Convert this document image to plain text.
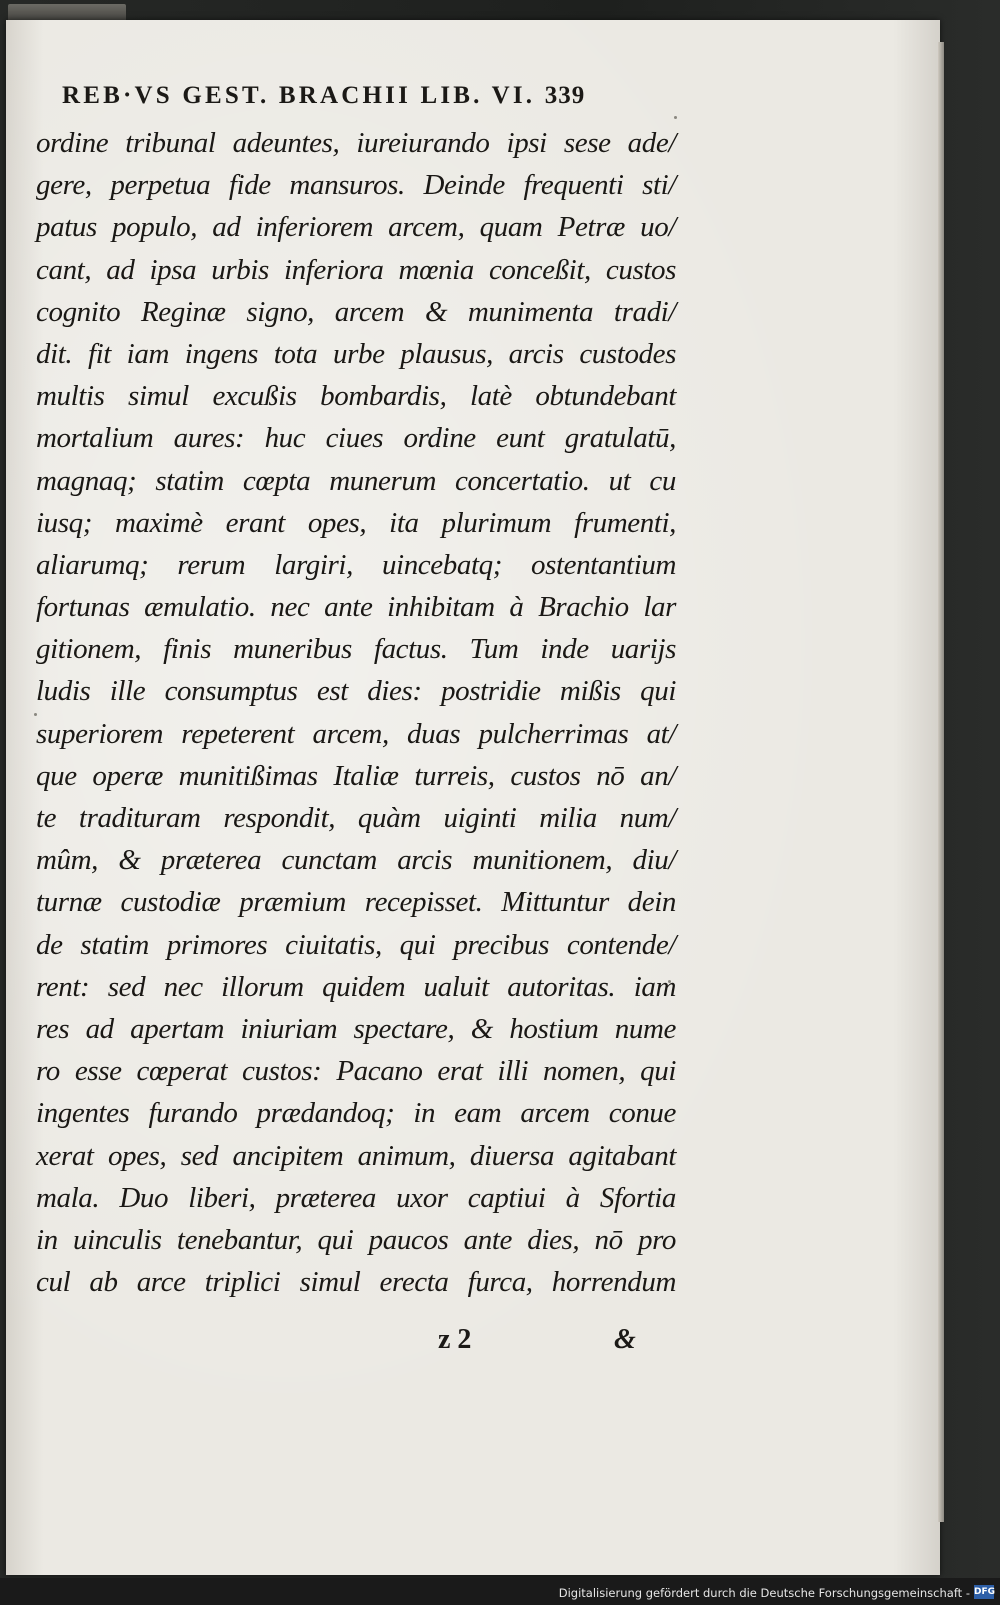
REB·VS GEST. BRACHII LIB. VI. 339
ordine tribunal adeuntes, iureiurando ipsi sese ade/
gere, perpetua fide mansuros. Deinde frequenti sti/
patus populo, ad inferiorem arcem, quam Petræ uo/
cant, ad ipsa urbis inferiora mœnia conceßit, custos
cognito Reginæ signo, arcem & munimenta tradi/
dit. fit iam ingens tota urbe plausus, arcis custodes
multis simul excußis bombardis, latè obtundebant
mortalium aures: huc ciues ordine eunt gratulatū,
magnaq; statim cœpta munerum concertatio. ut cu
iusq; maximè erant opes, ita plurimum frumenti,
aliarumq; rerum largiri, uincebatq; ostentantium
fortunas æmulatio. nec ante inhibitam à Brachio lar
gitionem, finis muneribus factus. Tum inde uarijs
ludis ille consumptus est dies: postridie mißis qui
superiorem repeterent arcem, duas pulcherrimas at/
que operæ munitißimas Italiæ turreis, custos nō an/
te tradituram respondit, quàm uiginti milia num/
mûm, & præterea cunctam arcis munitionem, diu/
turnæ custodiæ præmium recepisset. Mittuntur dein
de statim primores ciuitatis, qui precibus contende/
rent: sed nec illorum quidem ualuit autoritas. iam
res ad apertam iniuriam spectare, & hostium nume
ro esse cœperat custos: Pacano erat illi nomen, qui
ingentes furando prædandoq; in eam arcem conue
xerat opes, sed ancipitem animum, diuersa agitabant
mala. Duo liberi, præterea uxor captiui à Sfortia
in uinculis tenebantur, qui paucos ante dies, nō pro
cul ab arce triplici simul erecta furca, horrendum
z 2	&
Digitalisierung gefördert durch die Deutsche Forschungsgemeinschaft - DFG
